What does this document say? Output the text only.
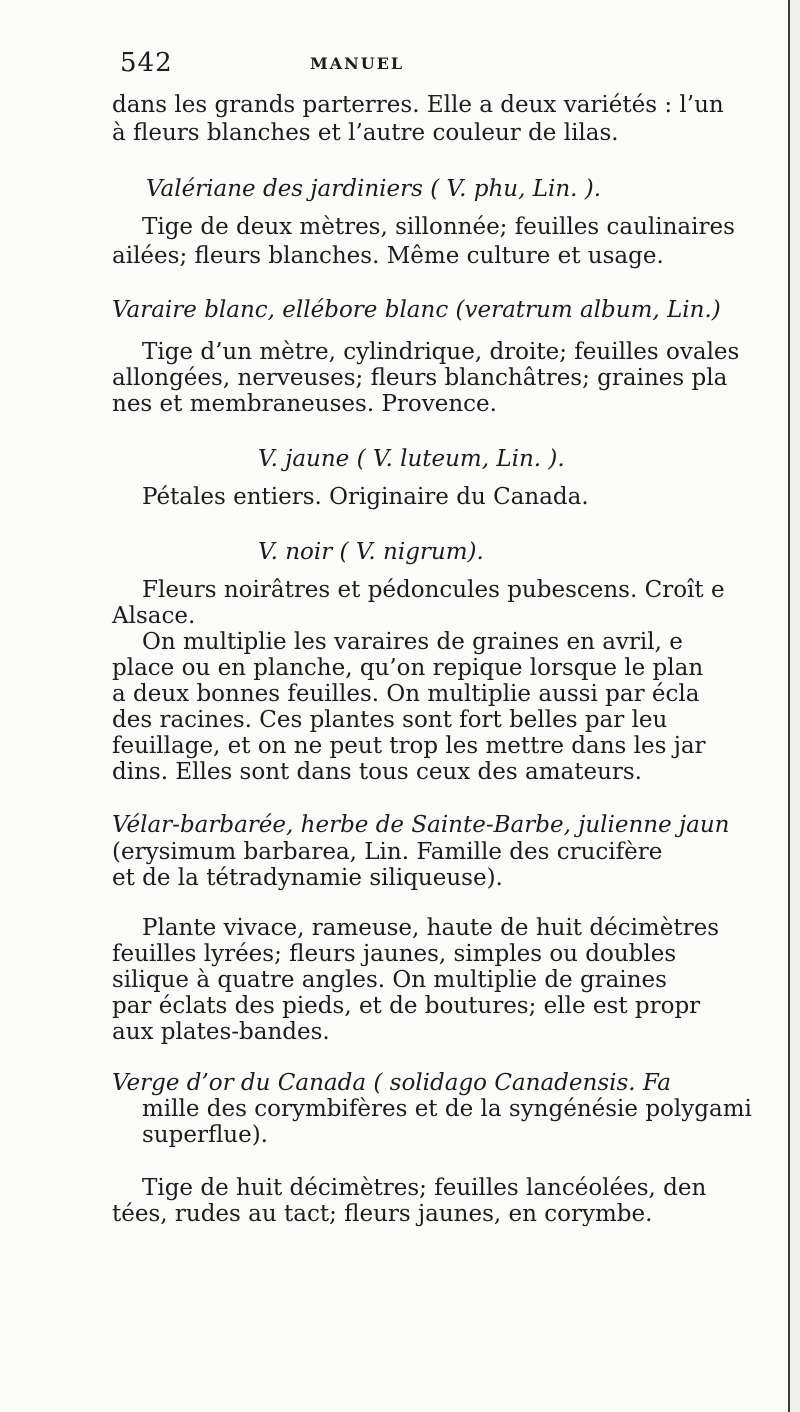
542	MANUEL
dans les grands parterres. Elle a deux variétés : l’un
à fleurs blanches et l’autre couleur de lilas.
Valériane des jardiniers ( V. phu, Lin. ).
Tige de deux mètres, sillonnée; feuilles caulinaires
ailées; fleurs blanches. Même culture et usage.
Varaire blanc, ellébore blanc (veratrum album, Lin.)
Tige d’un mètre, cylindrique, droite; feuilles ovales
allongées, nerveuses; fleurs blanchâtres; graines pla
nes et membraneuses. Provence.
V. jaune ( V. luteum, Lin. ).
Pétales entiers. Originaire du Canada.
V. noir ( V. nigrum).
Fleurs noirâtres et pédoncules pubescens. Croît e
Alsace.
On multiplie les varaires de graines en avril, e
place ou en planche, qu’on repique lorsque le plan
a deux bonnes feuilles. On multiplie aussi par écla
des racines. Ces plantes sont fort belles par leu
feuillage, et on ne peut trop les mettre dans les jar
dins. Elles sont dans tous ceux des amateurs.
Vélar-barbarée, herbe de Sainte-Barbe, julienne jaun
(erysimum barbarea, Lin. Famille des crucifère
et de la tétradynamie siliqueuse).
Plante vivace, rameuse, haute de huit décimètres
feuilles lyrées; fleurs jaunes, simples ou doubles
silique à quatre angles. On multiplie de graines
par éclats des pieds, et de boutures; elle est propr
aux plates-bandes.
Verge d’or du Canada ( solidago Canadensis. Fa
mille des corymbifères et de la syngénésie polygami
superflue).
Tige de huit décimètres; feuilles lancéolées, den
tées, rudes au tact; fleurs jaunes, en corymbe.
